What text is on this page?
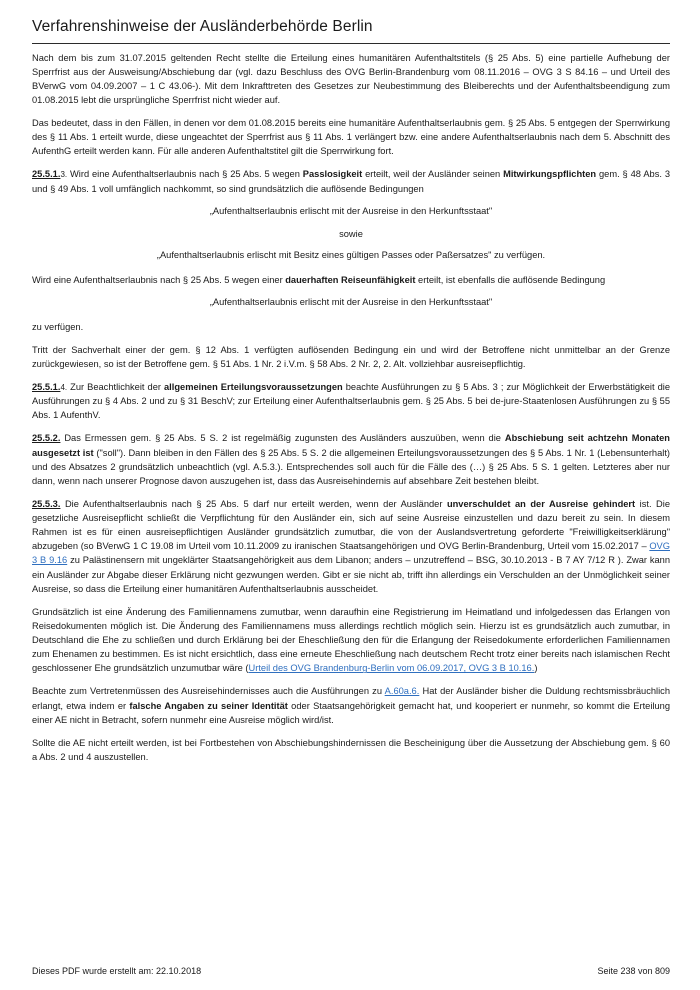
Verfahrenshinweise der Ausländerbehörde Berlin

Nach dem bis zum 31.07.2015 geltenden Recht stellte die Erteilung eines humanitären Aufenthaltstitels (§ 25 Abs. 5) eine partielle Aufhebung der Sperrfrist aus der Ausweisung/Abschiebung dar (vgl. dazu Beschluss des OVG Berlin-Brandenburg vom 08.11.2016 – OVG 3 S 84.16 – und Urteil des BVerwG vom 04.09.2007 – 1 C 43.06-). Mit dem Inkrafttreten des Gesetzes zur Neubestimmung des Bleiberechts und der Aufenthaltsbeendigung zum 01.08.2015 lebt die ursprüngliche Sperrfrist nicht wieder auf.

Das bedeutet, dass in den Fällen, in denen vor dem 01.08.2015 bereits eine humanitäre Aufenthaltserlaubnis gem. § 25 Abs. 5 entgegen der Sperrwirkung des § 11 Abs. 1 erteilt wurde, diese ungeachtet der Sperrfrist aus § 11 Abs. 1 verlängert bzw. eine andere Aufenthaltserlaubnis nach dem 5. Abschnitt des AufenthG erteilt werden kann. Für alle anderen Aufenthaltstitel gilt die Sperrwirkung fort.

25.5.1.3. Wird eine Aufenthaltserlaubnis nach § 25 Abs. 5 wegen Passlosigkeit erteilt, weil der Ausländer seinen Mitwirkungspflichten gem. § 48 Abs. 3 und § 49 Abs. 1 voll umfänglich nachkommt, so sind grundsätzlich die auflösende Bedingungen

„Aufenthaltserlaubnis erlischt mit der Ausreise in den Herkunftsstaat"

sowie

„Aufenthaltserlaubnis erlischt mit Besitz eines gültigen Passes oder Paßersatzes" zu verfügen.

Wird eine Aufenthaltserlaubnis nach § 25 Abs. 5 wegen einer dauerhaften Reiseunfähigkeit erteilt, ist ebenfalls die auflösende Bedingung

„Aufenthaltserlaubnis erlischt mit der Ausreise in den Herkunftsstaat"

zu verfügen.

Tritt der Sachverhalt einer der gem. § 12 Abs. 1 verfügten auflösenden Bedingung ein und wird der Betroffene nicht unmittelbar an der Grenze zurückgewiesen, so ist der Betroffene gem. § 51 Abs. 1 Nr. 2 i.V.m. § 58 Abs. 2 Nr. 2, 2. Alt. vollziehbar ausreisepflichtig.

25.5.1.4. Zur Beachtlichkeit der allgemeinen Erteilungsvoraussetzungen beachte Ausführungen zu § 5 Abs. 3 ; zur Möglichkeit der Erwerbstätigkeit die Ausführungen zu § 4 Abs. 2 und zu § 31 BeschV; zur Erteilung einer Aufenthaltserlaubnis gem. § 25 Abs. 5 bei de-jure-Staatenlosen Ausführungen zu § 55 Abs. 1 AufenthV.

25.5.2. Das Ermessen gem. § 25 Abs. 5 S. 2 ist regelmäßig zugunsten des Ausländers auszuüben, wenn die Abschiebung seit achtzehn Monaten ausgesetzt ist ("soll"). Dann bleiben in den Fällen des § 25 Abs. 5 S. 2 die allgemeinen Erteilungsvoraussetzungen des § 5 Abs. 1 Nr. 1 (Lebensunterhalt) und des Absatzes 2 grundsätzlich unbeachtlich (vgl. A.5.3.). Entsprechendes soll auch für die Fälle des (…) § 25 Abs. 5 S. 1 gelten. Letzteres aber nur dann, wenn nach unserer Prognose davon auszugehen ist, dass das Ausreisehindernis auf absehbare Zeit bestehen bleibt.

25.5.3. Die Aufenthaltserlaubnis nach § 25 Abs. 5 darf nur erteilt werden, wenn der Ausländer unverschuldet an der Ausreise gehindert ist. Die gesetzliche Ausreisepflicht schließt die Verpflichtung für den Ausländer ein, sich auf seine Ausreise einzustellen und dazu bereit zu sein. In diesem Rahmen ist es für einen ausreisepflichtigen Ausländer grundsätzlich zumutbar, die von der Auslandsvertretung geforderte "Freiwilligkeitserklärung" abzugeben (so BVerwG 1 C 19.08 im Urteil vom 10.11.2009 zu iranischen Staatsangehörigen und OVG Berlin-Brandenburg, Urteil vom 15.02.2017 – OVG 3 B 9.16 zu Palästinensern mit ungeklärter Staatsangehörigkeit aus dem Libanon; anders – unzutreffend – BSG, 30.10.2013 - B 7 AY 7/12 R ). Zwar kann ein Ausländer zur Abgabe dieser Erklärung nicht gezwungen werden. Gibt er sie nicht ab, trifft ihn allerdings ein Verschulden an der Unmöglichkeit seiner Ausreise, so dass die Erteilung einer humanitären Aufenthaltserlaubnis ausscheidet.

Grundsätzlich ist eine Änderung des Familiennamens zumutbar, wenn daraufhin eine Registrierung im Heimatland und infolgedessen das Erlangen von Reisedokumenten möglich ist. Die Änderung des Familiennamens muss allerdings rechtlich möglich sein. Hierzu ist es grundsätzlich auch zumutbar, in Deutschland die Ehe zu schließen und durch Erklärung bei der Eheschließung den für die Erlangung der Reisedokumente erforderlichen Familiennamen zum Ehenamen zu bestimmen. Es ist nicht ersichtlich, dass eine erneute Eheschließung nach deutschem Recht trotz einer bereits nach islamischen Recht geschlossener Ehe grundsätzlich unzumutbar wäre (Urteil des OVG Brandenburg-Berlin vom 06.09.2017, OVG 3 B 10.16.)

Beachte zum Vertretenmüssen des Ausreisehindernisses auch die Ausführungen zu A.60a.6. Hat der Ausländer bisher die Duldung rechtsmissbräuchlich erlangt, etwa indem er falsche Angaben zu seiner Identität oder Staatsangehörigkeit gemacht hat, und kooperiert er nunmehr, so kommt die Erteilung einer AE nicht in Betracht, sofern nunmehr eine Ausreise möglich wird/ist.

Sollte die AE nicht erteilt werden, ist bei Fortbestehen von Abschiebungshindernissen die Bescheinigung über die Aussetzung der Abschiebung gem. § 60 a Abs. 2 und 4 auszustellen.

Dieses PDF wurde erstellt am: 22.10.2018	Seite 238 von 809
